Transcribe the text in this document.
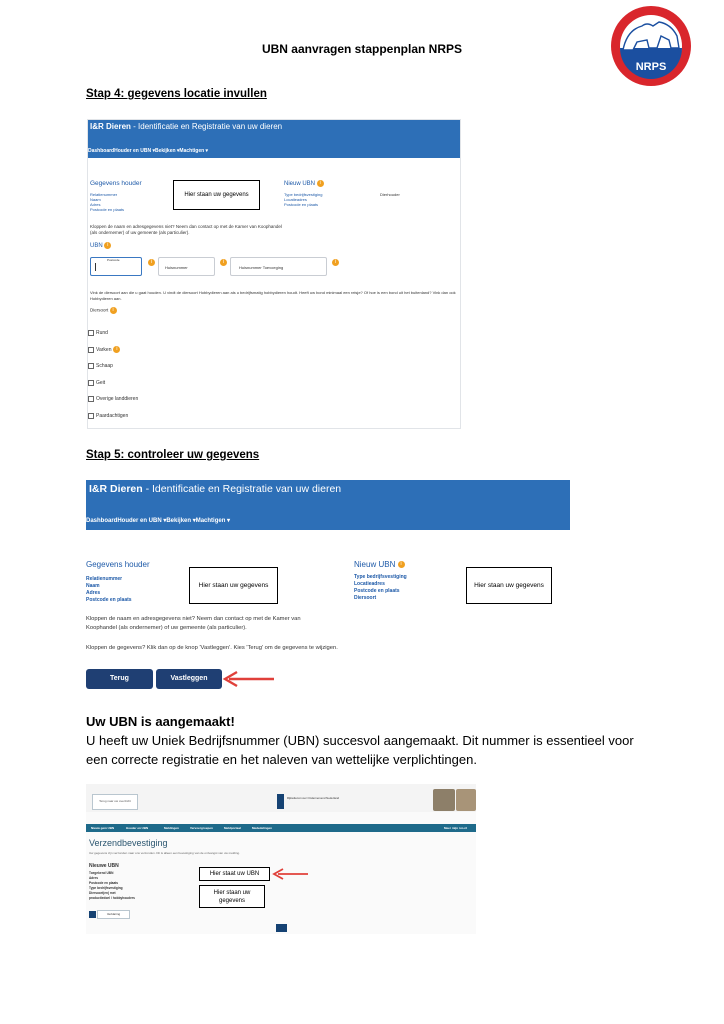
UBN aanvragen stappenplan NRPS
NRPS
Stap 4: gegevens locatie invullen
I&R Dieren - Identificatie en Registratie van uw dieren
DashboardHouder en UBN ▾Bekijken ▾Machtigen ▾
Gegevens houder
Relatienummer
Naam
Adres
Postcode en plaats
Hier staan uw gegevens
Nieuw UBN i
Type bedrijfsvestiging
Locatieadres
Postcode en plaats
Dierhouder
Kloppen de naam en adresgegevens niet? Neem dan contact op met de Kamer van Koophandel (als ondernemer) of uw gemeente (als particulier).
UBN i
Postcode	i
Huisnummer	Huisnummer Toevoeging
i	i
Vink de diersoort aan die u gaat houden. U vindt de diersoort Hobbydieren aan als u bedrijfsmatig hobbydieren houdt. Heeft uw bond minimaal een reisje? Of hoe is een bond uit het buitenland? Vink dan ook Hobbydieren aan.
Diersoort i
Rund
Varken i
Schaap
Geit
Overige landdieren
Paardachtigen
Stap 5: controleer uw gegevens
I&R Dieren - Identificatie en Registratie van uw dieren
DashboardHouder en UBN ▾Bekijken ▾Machtigen ▾
Gegevens houder
Relatienummer
Naam
Adres
Postcode en plaats
Hier staan uw gegevens
Nieuw UBN i
Type bedrijfsvestiging
Locatieadres
Postcode en plaats
Diersoort
Hier staan uw gegevens
Kloppen de naam en adresgegevens niet? Neem dan contact op met de Kamer van
Koophandel (als ondernemer) of uw gemeente (als particulier).
Kloppen de gegevens? Klik dan op de knop 'Vastleggen'. Kies 'Terug' om de gegevens te wijzigen.
Terug	Vastleggen
Uw UBN is aangemaakt!
U heeft uw Uniek Bedrijfsnummer (UBN) succesvol aangemaakt. Dit nummer is essentieel voor een correcte registratie en het naleven van wettelijke verplichtingen.
Terug naar uw overzicht
Rijksdienst voor Ondernemend Nederland
Nieuw gem UBN	Houder en UBN	Meldingen	Vervoergroepen	Meldportaal	Mededelingen	Meer mijn rvo.nl
Verzendbevestiging
Uw gegevens zijn verzonden naar ons verzonden. Dit is alleen een bevestiging van de ontvangst van uw melding.
Nieuwe UBN
Toegekend UBN
Adres
Postcode en plaats
Type bedrijfsvestiging
Diersoort(en) met productiedoel / hobbyhouders
Hier staat uw UBN
Hier staan uw gegevens
Verklaring
